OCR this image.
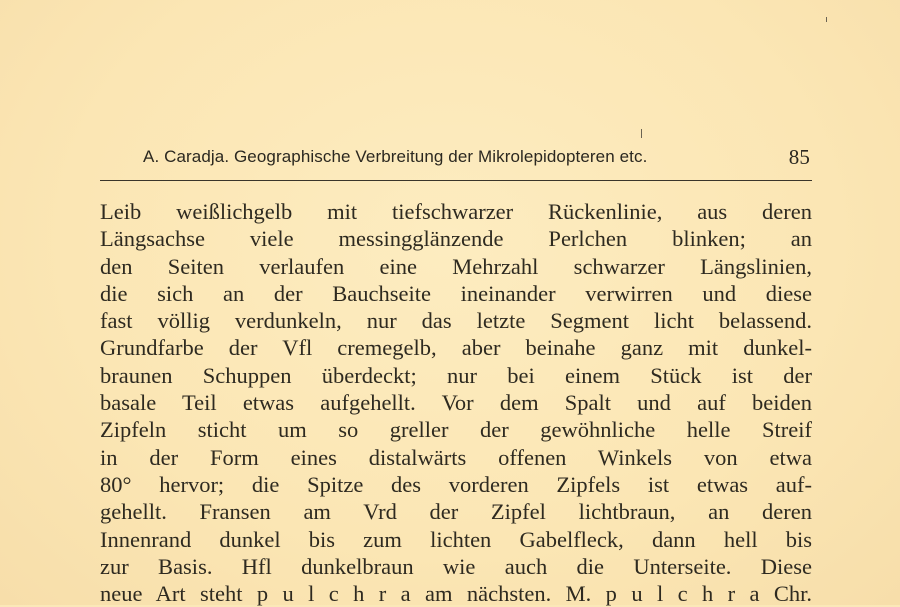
A. Caradja. Geographische Verbreitung der Mikrolepidopteren etc.	85
Leib weißlichgelb mit tiefschwarzer Rückenlinie, aus deren
Längsachse viele messingglänzende Perlchen blinken; an
den Seiten verlaufen eine Mehrzahl schwarzer Längslinien,
die sich an der Bauchseite ineinander verwirren und diese
fast völlig verdunkeln, nur das letzte Segment licht belassend.
Grundfarbe der Vfl cremegelb, aber beinahe ganz mit dunkel-
braunen Schuppen überdeckt; nur bei einem Stück ist der
basale Teil etwas aufgehellt. Vor dem Spalt und auf beiden
Zipfeln sticht um so greller der gewöhnliche helle Streif
in der Form eines distalwärts offenen Winkels von etwa
80° hervor; die Spitze des vorderen Zipfels ist etwas auf-
gehellt. Fransen am Vrd der Zipfel lichtbraun, an deren
Innenrand dunkel bis zum lichten Gabelfleck, dann hell bis
zur Basis. Hfl dunkelbraun wie auch die Unterseite. Diese
neue Art steht p u l c h r a am nächsten. M. p u l c h r a Chr.
